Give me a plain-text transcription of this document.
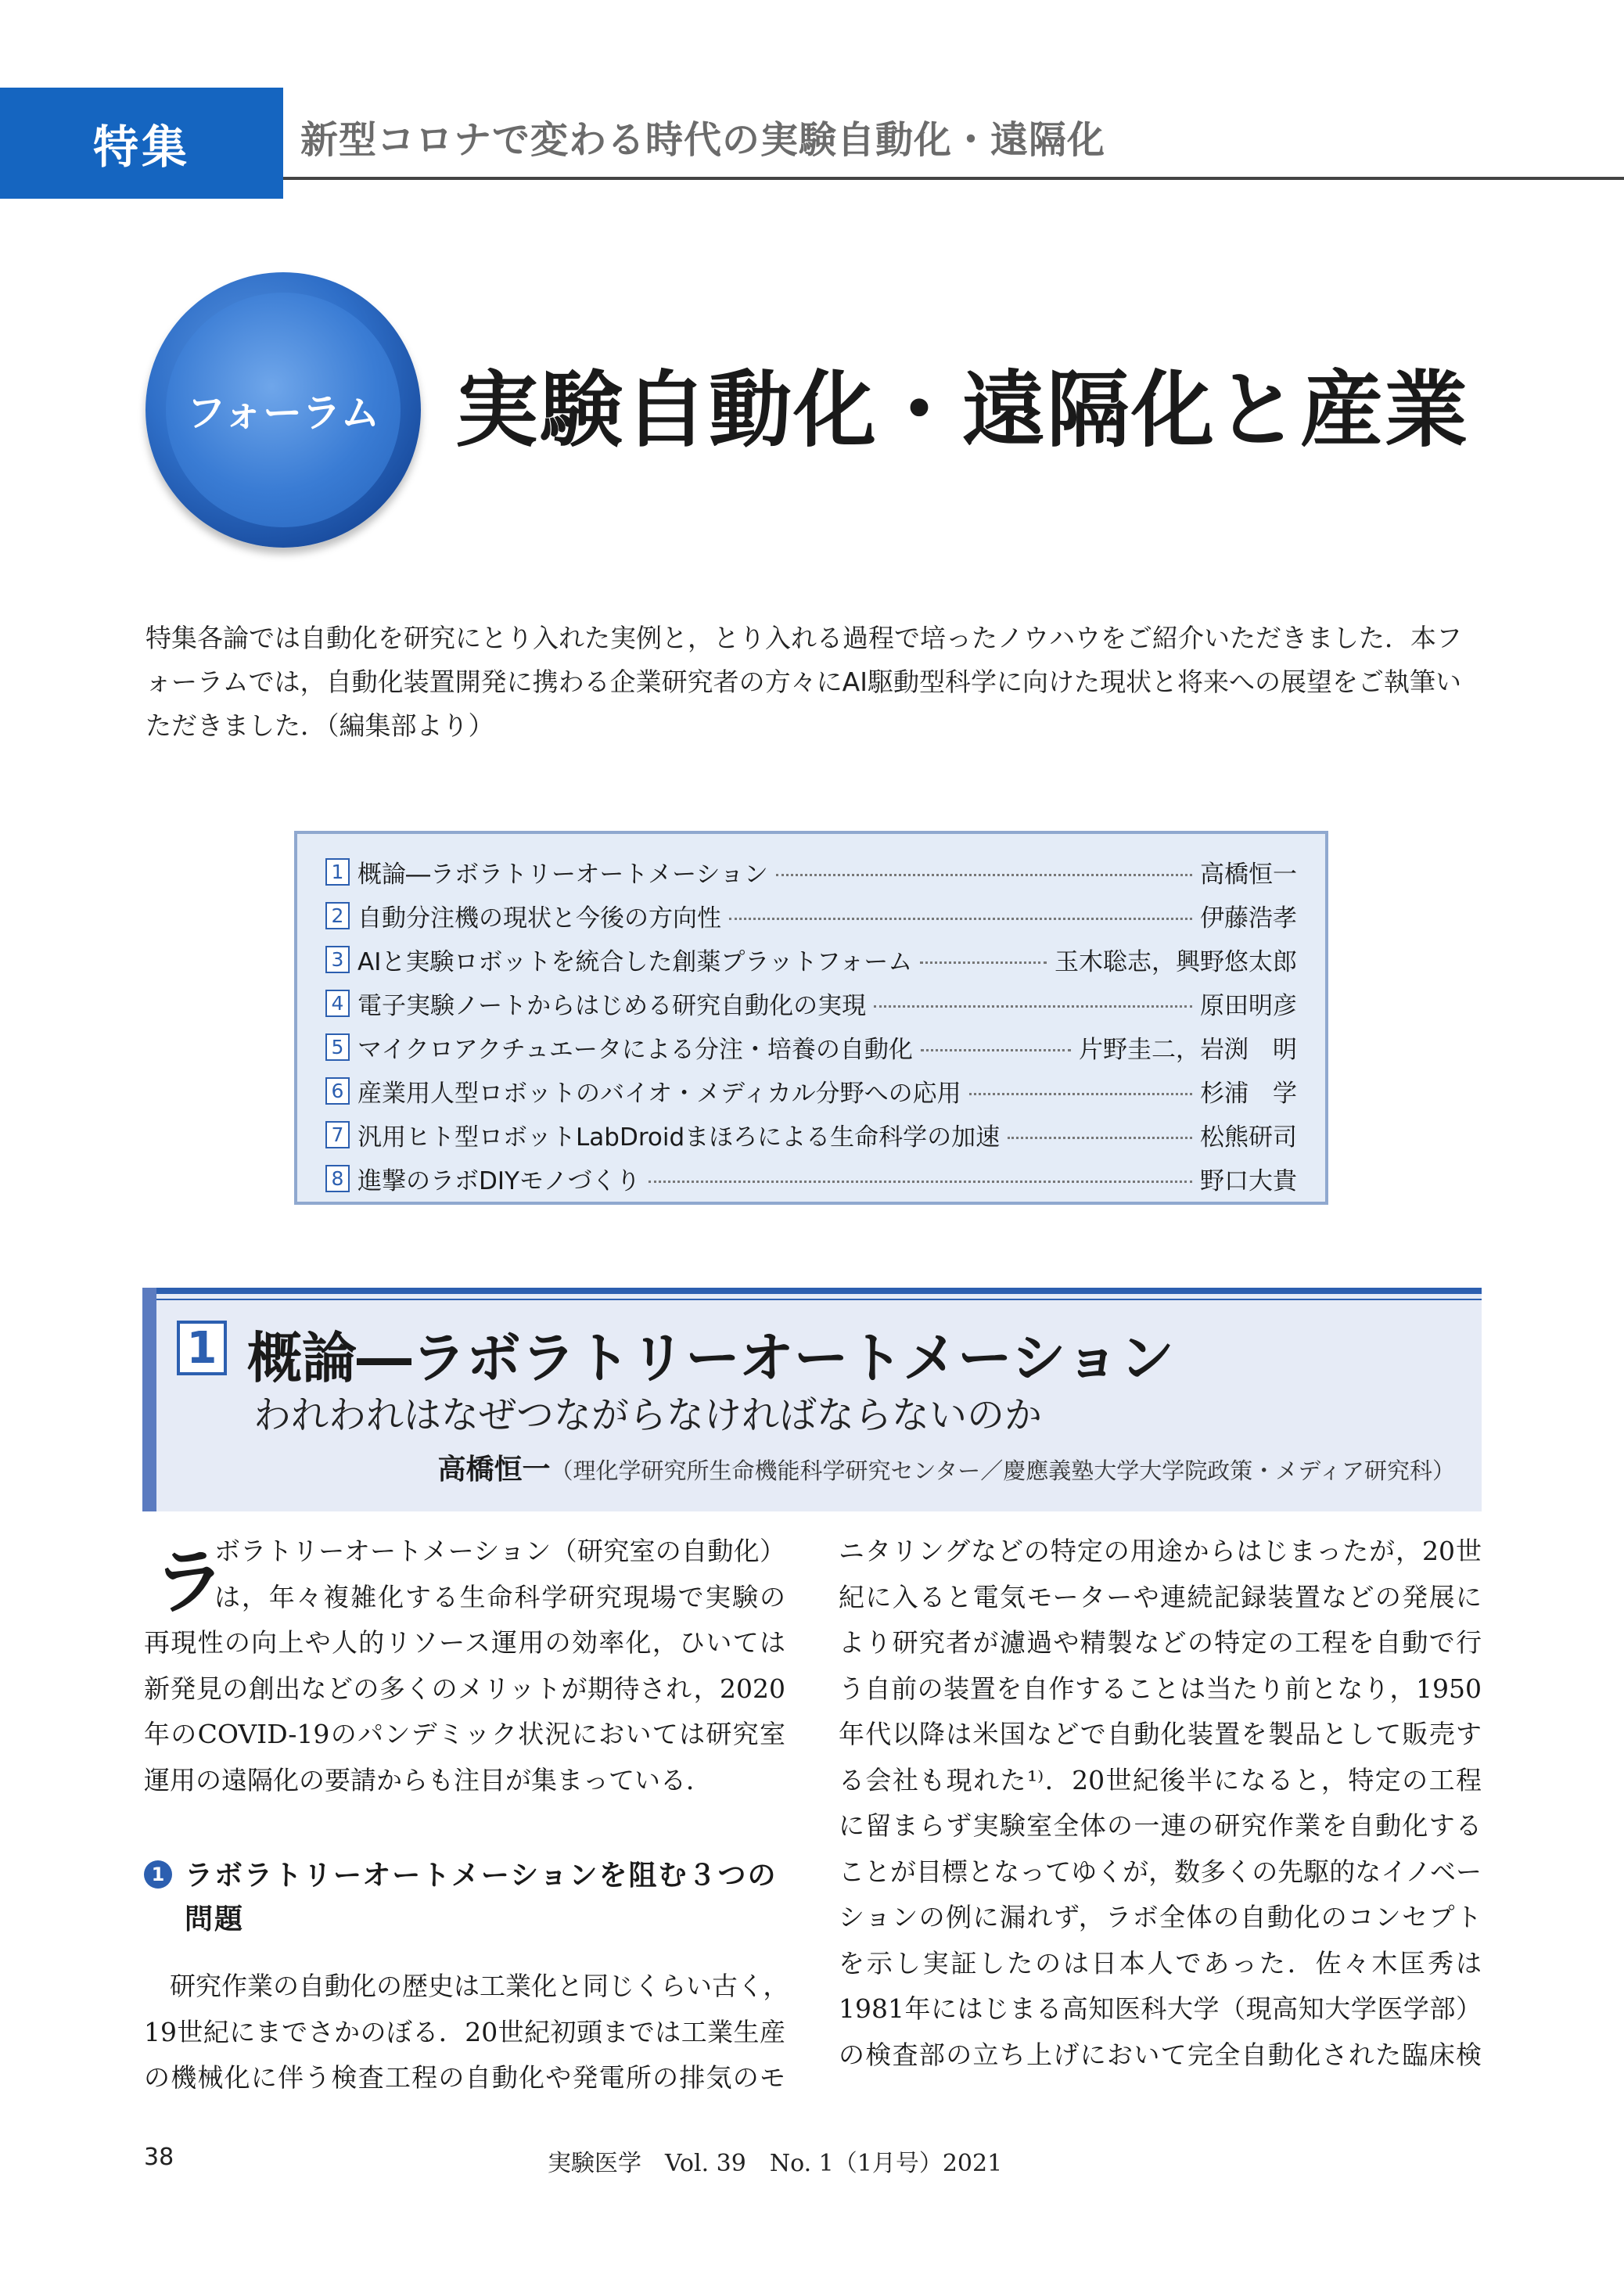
特集	新型コロナで変わる時代の実験自動化・遠隔化
フォーラム 実験自動化・遠隔化と産業
特集各論では自動化を研究にとり入れた実例と，とり入れる過程で培ったノウハウをご紹介いただきました．本フォーラムでは，自動化装置開発に携わる企業研究者の方々にAI駆動型科学に向けた現状と将来への展望をご執筆いただきました．（編集部より）
1 概論―ラボラトリーオートメーション	高橋恒一
2 自動分注機の現状と今後の方向性	伊藤浩孝
3 AIと実験ロボットを統合した創薬プラットフォーム	玉木聡志，興野悠太郎
4 電子実験ノートからはじめる研究自動化の実現	原田明彦
5 マイクロアクチュエータによる分注・培養の自動化	片野圭二，岩渕　明
6 産業用人型ロボットのバイオ・メディカル分野への応用	杉浦　学
7 汎用ヒト型ロボットLabDroidまほろによる生命科学の加速	松熊研司
8 進撃のラボDIYモノづくり	野口大貴
1 概論―ラボラトリーオートメーション
われわれはなぜつながらなければならないのか
高橋恒一（理化学研究所生命機能科学研究センター／慶應義塾大学大学院政策・メディア研究科）
ラ
ボラトリーオートメーション（研究室の自動化）
は，年々複雑化する生命科学研究現場で実験の
再現性の向上や人的リソース運用の効率化，ひいては
新発見の創出などの多くのメリットが期待され，2020
年のCOVID-19のパンデミック状況においては研究室
運用の遠隔化の要請からも注目が集まっている．
1 ラボラトリーオートメーションを阻む３つの問題
研究作業の自動化の歴史は工業化と同じくらい古く，
19世紀にまでさかのぼる．20世紀初頭までは工業生産
の機械化に伴う検査工程の自動化や発電所の排気のモ
ニタリングなどの特定の用途からはじまったが，20世
紀に入ると電気モーターや連続記録装置などの発展に
より研究者が濾過や精製などの特定の工程を自動で行
う自前の装置を自作することは当たり前となり，1950
年代以降は米国などで自動化装置を製品として販売す
る会社も現れた¹⁾．20世紀後半になると，特定の工程
に留まらず実験室全体の一連の研究作業を自動化する
ことが目標となってゆくが，数多くの先駆的なイノベー
ションの例に漏れず，ラボ全体の自動化のコンセプト
を示し実証したのは日本人であった．佐々木匡秀は
1981年にはじまる高知医科大学（現高知大学医学部）
の検査部の立ち上げにおいて完全自動化された臨床検
38	実験医学　Vol. 39　No. 1（1月号）2021
